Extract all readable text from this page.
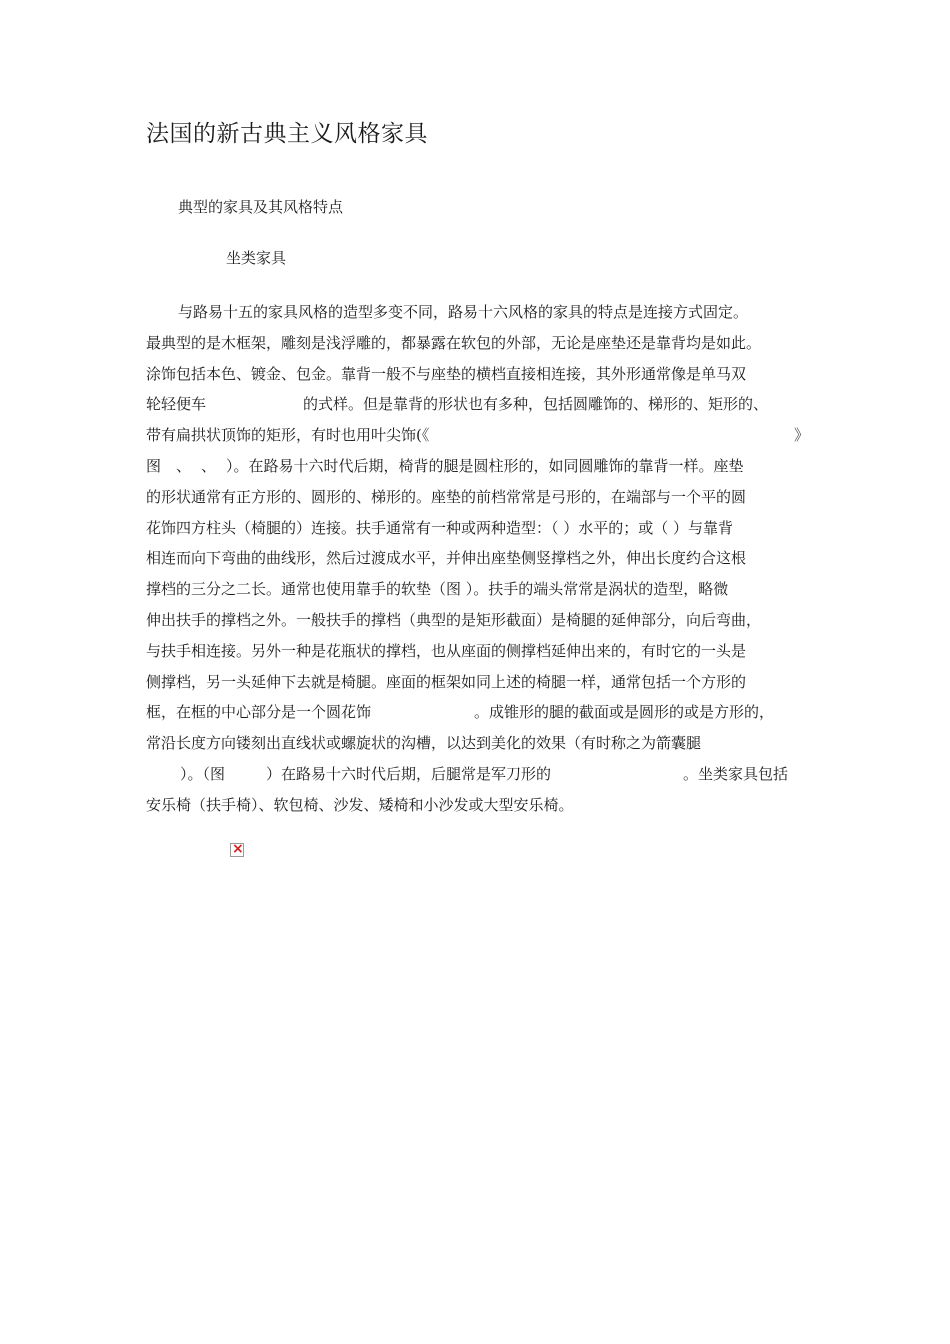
法国的新古典主义风格家具
典型的家具及其风格特点
坐类家具
与路易十五的家具风格的造型多变不同，路易十六风格的家具的特点是连接方式固定。
最典型的是木框架，雕刻是浅浮雕的，都暴露在软包的外部，无论是座垫还是靠背均是如此。
涂饰包括本色、镀金、包金。靠背一般不与座垫的横档直接相连接，其外形通常像是单马双
轮轻便车	的式样。但是靠背的形状也有多种，包括圆雕饰的、梯形的、矩形的、
带有扁拱状顶饰的矩形，有时也用叶尖饰(《	》
图 、 、 ）。在路易十六时代后期，椅背的腿是圆柱形的，如同圆雕饰的靠背一样。座垫
的形状通常有正方形的、圆形的、梯形的。座垫的前档常常是弓形的，在端部与一个平的圆
花饰四方柱头（椅腿的）连接。扶手通常有一种或两种造型：（ ）水平的；或（ ）与靠背
相连而向下弯曲的曲线形，然后过渡成水平，并伸出座垫侧竖撑档之外，伸出长度约合这根
撑档的三分之二长。通常也使用靠手的软垫（图 ）。扶手的端头常常是涡状的造型，略微
伸出扶手的撑档之外。一般扶手的撑档（典型的是矩形截面）是椅腿的延伸部分，向后弯曲，
与扶手相连接。另外一种是花瓶状的撑档，也从座面的侧撑档延伸出来的，有时它的一头是
侧撑档，另一头延伸下去就是椅腿。座面的框架如同上述的椅腿一样，通常包括一个方形的
框，在框的中心部分是一个圆花饰	。成锥形的腿的截面或是圆形的或是方形的，
常沿长度方向镂刻出直线状或螺旋状的沟槽，以达到美化的效果（有时称之为箭囊腿
）。（图	）在路易十六时代后期，后腿常是军刀形的	。坐类家具包括
安乐椅（扶手椅）、软包椅、沙发、矮椅和小沙发或大型安乐椅。
×
